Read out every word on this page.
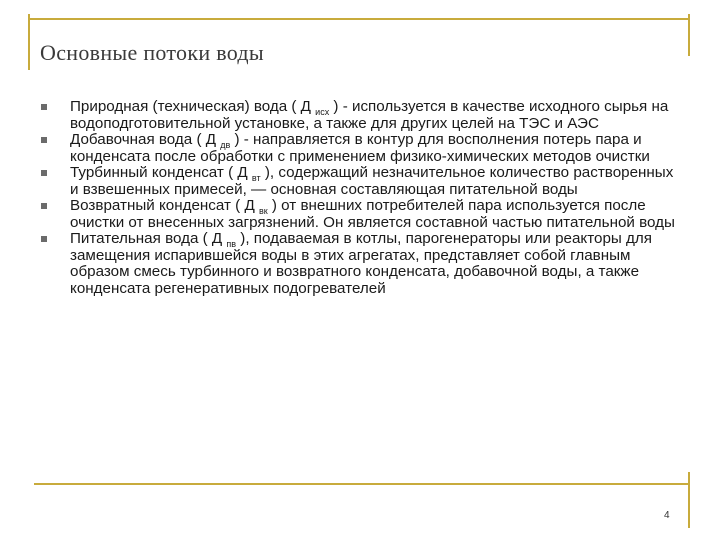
Основные потоки воды
Природная (техническая) вода ( Д $_{исх}$ ) - используется в качестве исходного сырья на водоподготовительной установке, а также для других целей на ТЭС и АЭС
Добавочная вода ( Д $_{дв}$ ) - направляется в контур для восполнения потерь пара и конденсата после обработки с применением физико-химических методов очистки
Турбинный конденсат ( Д $_{вт}$ ), содержащий незначительное количество растворенных и взвешенных примесей, — основная составляющая питательной воды
Возвратный конденсат ( Д $_{вк}$ ) от внешних потребителей пара используется после очистки от внесенных загрязнений. Он является составной частью питательной воды
Питательная вода ( Д $_{пв}$ ), подаваемая в котлы, парогенераторы или реакторы для замещения испарившейся воды в этих агрегатах, представляет собой главным образом смесь турбинного и возвратного конденсата, добавочной воды, а также конденсата регенеративных подогревателей
4
